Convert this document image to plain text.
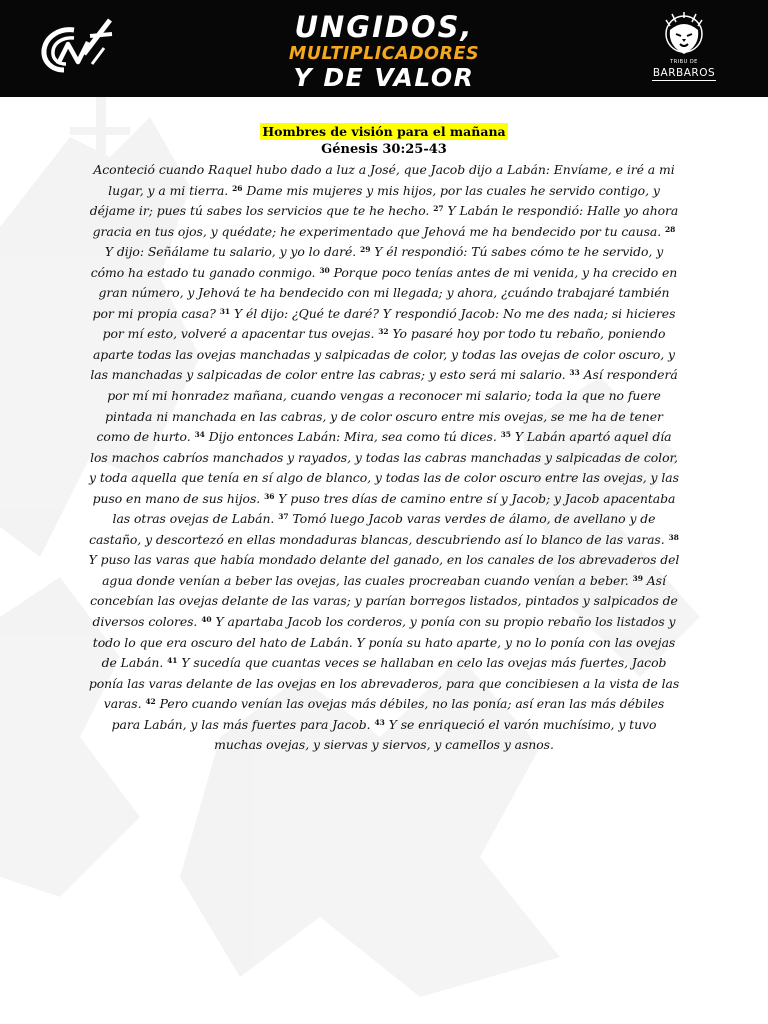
UNGIDOS,
MULTIPLICADORES
Y DE VALOR
TRIBU DE
BARBAROS
Hombres de visión para el mañana
Génesis 30:25-43

Aconteció cuando Raquel hubo dado a luz a José, que Jacob dijo a Labán: Envíame, e iré a mi lugar, y a mi tierra. $^{26}$ Dame mis mujeres y mis hijos, por las cuales he servido contigo, y déjame ir; pues tú sabes los servicios que te he hecho. $^{27}$ Y Labán le respondió: Halle yo ahora gracia en tus ojos, y quédate; he experimentado que Jehová me ha bendecido por tu causa. $^{28}$ Y dijo: Señálame tu salario, y yo lo daré. $^{29}$ Y él respondió: Tú sabes cómo te he servido, y cómo ha estado tu ganado conmigo. $^{30}$ Porque poco tenías antes de mi venida, y ha crecido en gran número, y Jehová te ha bendecido con mi llegada; y ahora, ¿cuándo trabajaré también por mi propia casa? $^{31}$ Y él dijo: ¿Qué te daré? Y respondió Jacob: No me des nada; si hicieres por mí esto, volveré a apacentar tus ovejas. $^{32}$ Yo pasaré hoy por todo tu rebaño, poniendo aparte todas las ovejas manchadas y salpicadas de color, y todas las ovejas de color oscuro, y las manchadas y salpicadas de color entre las cabras; y esto será mi salario. $^{33}$ Así responderá por mí mi honradez mañana, cuando vengas a reconocer mi salario; toda la que no fuere pintada ni manchada en las cabras, y de color oscuro entre mis ovejas, se me ha de tener como de hurto. $^{34}$ Dijo entonces Labán: Mira, sea como tú dices. $^{35}$ Y Labán apartó aquel día los machos cabríos manchados y rayados, y todas las cabras manchadas y salpicadas de color, y toda aquella que tenía en sí algo de blanco, y todas las de color oscuro entre las ovejas, y las puso en mano de sus hijos. $^{36}$ Y puso tres días de camino entre sí y Jacob; y Jacob apacentaba las otras ovejas de Labán. $^{37}$ Tomó luego Jacob varas verdes de álamo, de avellano y de castaño, y descortezó en ellas mondaduras blancas, descubriendo así lo blanco de las varas. $^{38}$ Y puso las varas que había mondado delante del ganado, en los canales de los abrevaderos del agua donde venían a beber las ovejas, las cuales procreaban cuando venían a beber. $^{39}$ Así concebían las ovejas delante de las varas; y parían borregos listados, pintados y salpicados de diversos colores. $^{40}$ Y apartaba Jacob los corderos, y ponía con su propio rebaño los listados y todo lo que era oscuro del hato de Labán. Y ponía su hato aparte, y no lo ponía con las ovejas de Labán. $^{41}$ Y sucedía que cuantas veces se hallaban en celo las ovejas más fuertes, Jacob ponía las varas delante de las ovejas en los abrevaderos, para que concibiesen a la vista de las varas. $^{42}$ Pero cuando venían las ovejas más débiles, no las ponía; así eran las más débiles para Labán, y las más fuertes para Jacob. $^{43}$ Y se enriqueció el varón muchísimo, y tuvo muchas ovejas, y siervas y siervos, y camellos y asnos.
